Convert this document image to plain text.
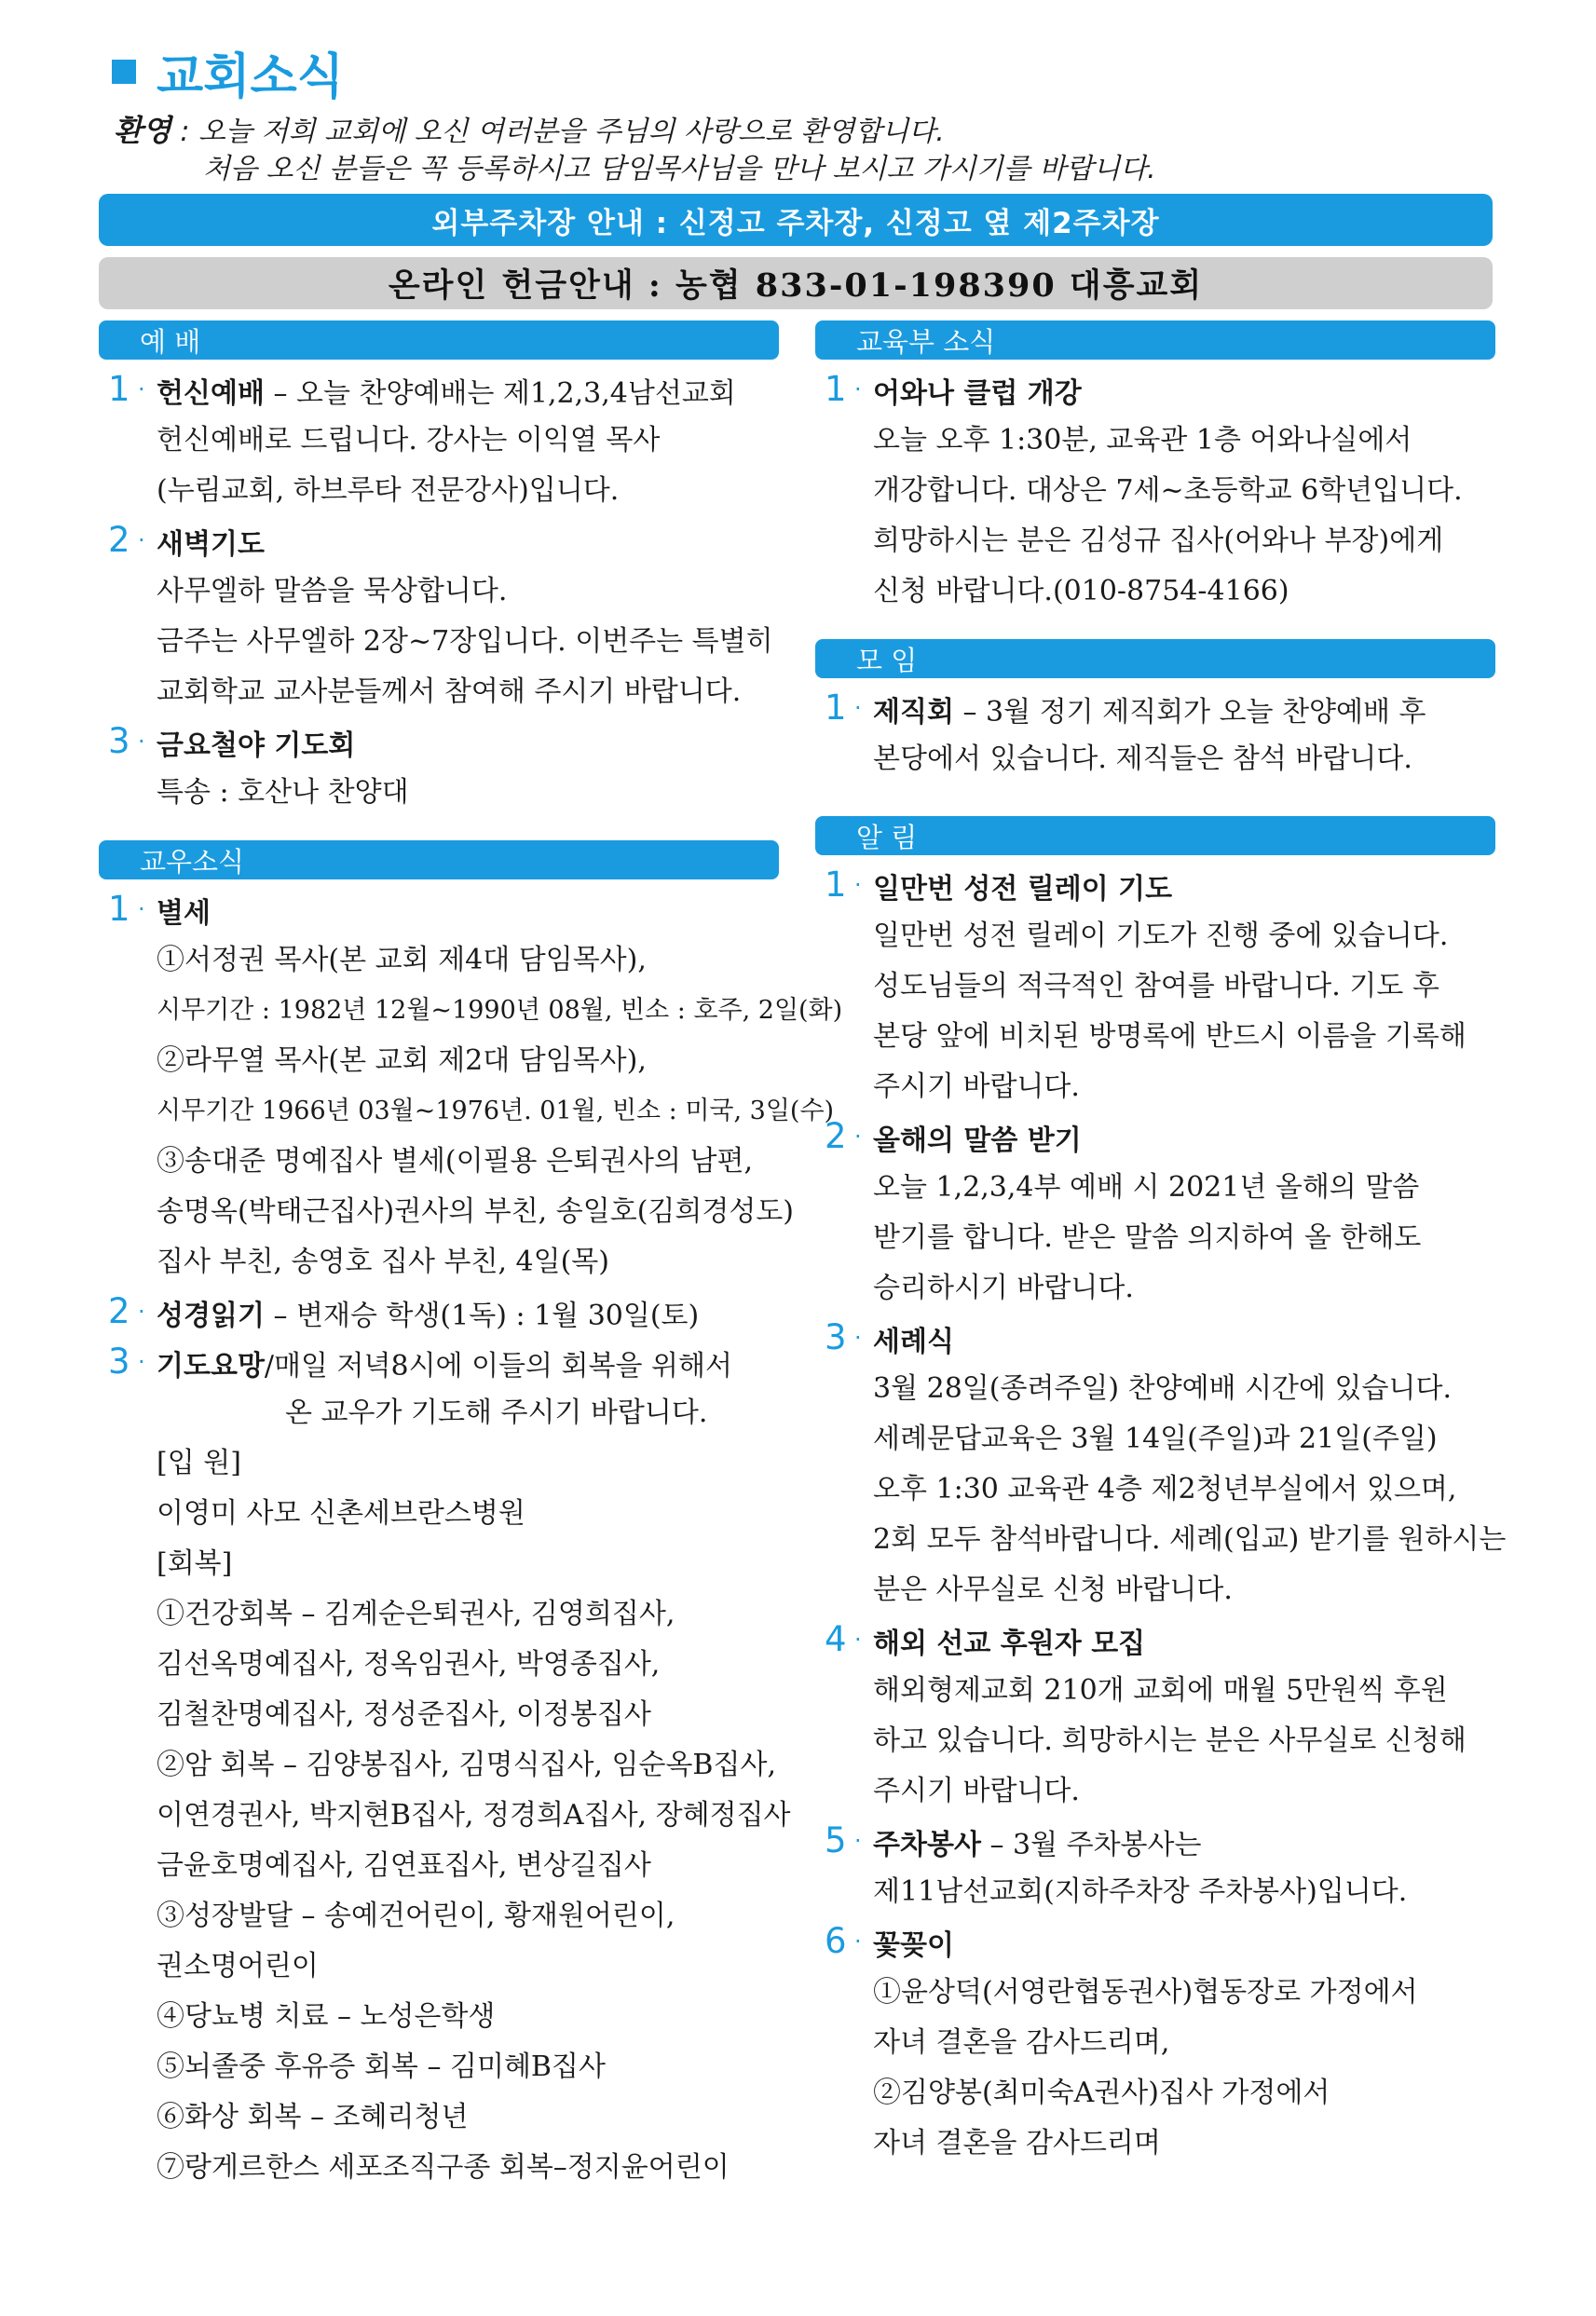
교회소식
환영 : 오늘 저희 교회에 오신 여러분을 주님의 사랑으로 환영합니다.
처음 오신 분들은 꼭 등록하시고 담임목사님을 만나 보시고 가시기를 바랍니다.
외부주차장 안내 : 신정고 주차장, 신정고 옆 제2주차장
온라인 헌금안내 : 농협 833-01-198390 대흥교회
예 배
1 · 헌신예배 – 오늘 찬양예배는 제1,2,3,4남선교회
헌신예배로 드립니다. 강사는 이익열 목사
(누림교회, 하브루타 전문강사)입니다.
2 · 새벽기도
사무엘하 말씀을 묵상합니다.
금주는 사무엘하 2장~7장입니다. 이번주는 특별히
교회학교 교사분들께서 참여해 주시기 바랍니다.
3 · 금요철야 기도회
특송 : 호산나 찬양대
교우소식
1 · 별세
①서정권 목사(본 교회 제4대 담임목사),
시무기간 : 1982년 12월~1990년 08월, 빈소 : 호주, 2일(화)
②라무열 목사(본 교회 제2대 담임목사),
시무기간 1966년 03월~1976년. 01월, 빈소 : 미국, 3일(수)
③송대준 명예집사 별세(이필용 은퇴권사의 남편,
송명옥(박태근집사)권사의 부친, 송일호(김희경성도)
집사 부친, 송영호 집사 부친, 4일(목)
2 · 성경읽기 – 변재승 학생(1독) : 1월 30일(토)
3 · 기도요망/매일 저녁8시에 이들의 회복을 위해서
온 교우가 기도해 주시기 바랍니다.
[입 원]
이영미 사모 신촌세브란스병원
[회복]
①건강회복 – 김계순은퇴권사, 김영희집사,
김선옥명예집사, 정옥임권사, 박영종집사,
김철찬명예집사, 정성준집사, 이정봉집사
②암 회복 – 김양봉집사, 김명식집사, 임순옥B집사,
이연경권사, 박지현B집사, 정경희A집사, 장혜정집사
금윤호명예집사, 김연표집사, 변상길집사
③성장발달 – 송예건어린이, 황재원어린이,
권소명어린이
④당뇨병 치료 – 노성은학생
⑤뇌졸중 후유증 회복 – 김미혜B집사
⑥화상 회복 – 조혜리청년
⑦랑게르한스 세포조직구종 회복–정지윤어린이
교육부 소식
1 · 어와나 클럽 개강
오늘 오후 1:30분, 교육관 1층 어와나실에서
개강합니다. 대상은 7세~초등학교 6학년입니다.
희망하시는 분은 김성규 집사(어와나 부장)에게
신청 바랍니다.(010-8754-4166)
모 임
1 · 제직회 – 3월 정기 제직회가 오늘 찬양예배 후
본당에서 있습니다. 제직들은 참석 바랍니다.
알 림
1 · 일만번 성전 릴레이 기도
일만번 성전 릴레이 기도가 진행 중에 있습니다.
성도님들의 적극적인 참여를 바랍니다. 기도 후
본당 앞에 비치된 방명록에 반드시 이름을 기록해
주시기 바랍니다.
2 · 올해의 말씀 받기
오늘 1,2,3,4부 예배 시 2021년 올해의 말씀
받기를 합니다. 받은 말씀 의지하여 올 한해도
승리하시기 바랍니다.
3 · 세례식
3월 28일(종려주일) 찬양예배 시간에 있습니다.
세례문답교육은 3월 14일(주일)과 21일(주일)
오후 1:30 교육관 4층 제2청년부실에서 있으며,
2회 모두 참석바랍니다. 세례(입교) 받기를 원하시는
분은 사무실로 신청 바랍니다.
4 · 해외 선교 후원자 모집
해외형제교회 210개 교회에 매월 5만원씩 후원
하고 있습니다. 희망하시는 분은 사무실로 신청해
주시기 바랍니다.
5 · 주차봉사 – 3월 주차봉사는
제11남선교회(지하주차장 주차봉사)입니다.
6 · 꽃꽂이
①윤상덕(서영란협동권사)협동장로 가정에서
자녀 결혼을 감사드리며,
②김양봉(최미숙A권사)집사 가정에서
자녀 결혼을 감사드리며
